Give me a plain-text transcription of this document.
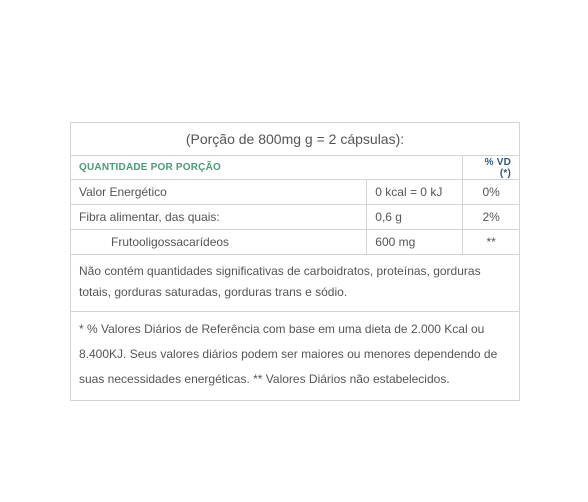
(Porção de 800mg g = 2 cápsulas):		
QUANTIDADE POR PORÇÃO		% VD (*)
Valor Energético	0 kcal = 0 kJ	0%
Fibra alimentar, das quais:	0,6 g	2%
Frutooligossacarídeos	600 mg	**
Não contém quantidades significativas de carboidratos, proteínas, gorduras totais, gorduras saturadas, gorduras trans e sódio.		
* % Valores Diários de Referência com base em uma dieta de 2.000 Kcal ou 8.400KJ. Seus valores diários podem ser maiores ou menores dependendo de suas necessidades energéticas. ** Valores Diários não estabelecidos.		
